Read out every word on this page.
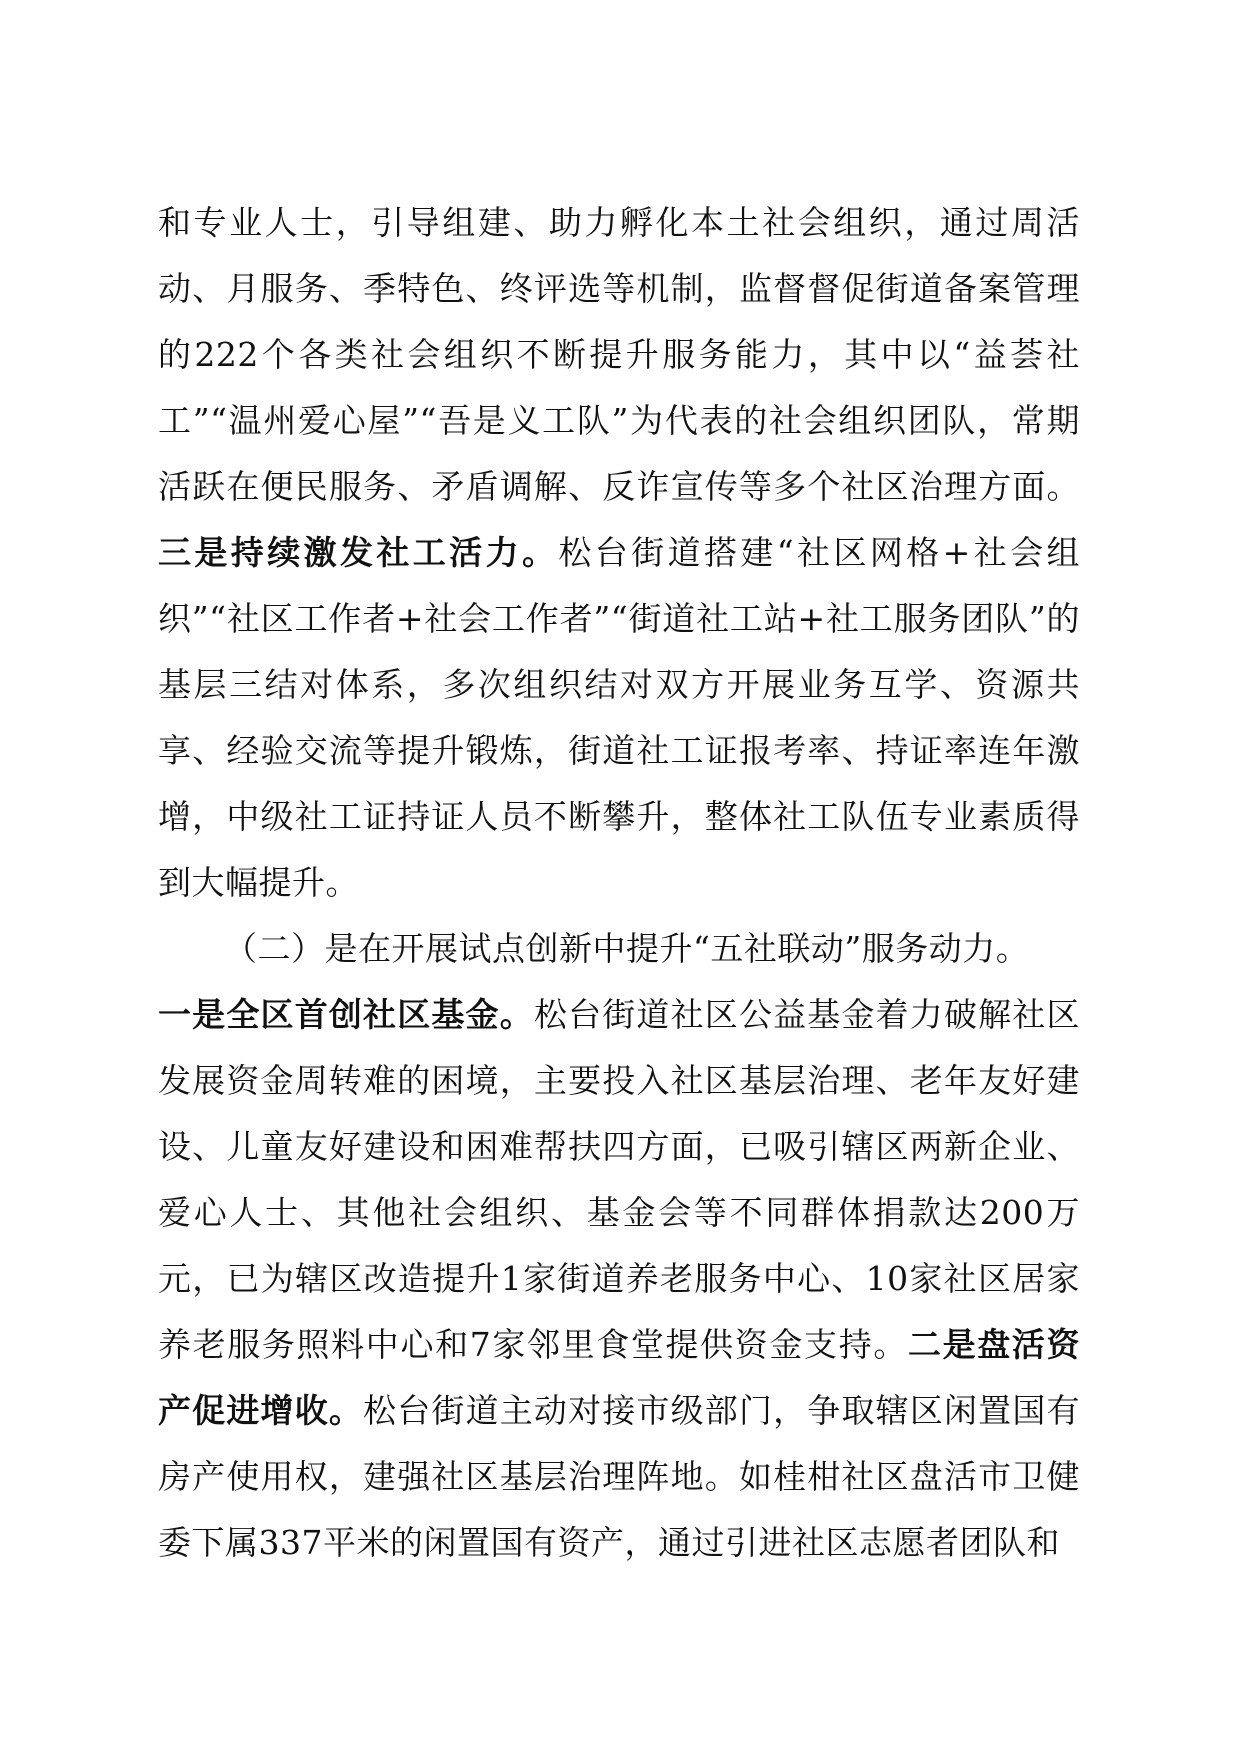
和专业人士，引导组建、助力孵化本土社会组织，通过周活动、月服务、季特色、终评选等机制，监督督促街道备案管理的222个各类社会组织不断提升服务能力，其中以“益荟社工”“温州爱心屋”“吾是义工队”为代表的社会组织团队，常期活跃在便民服务、矛盾调解、反诈宣传等多个社区治理方面。三是持续激发社工活力。松台街道搭建“社区网格+社会组织”“社区工作者+社会工作者”“街道社工站+社工服务团队”的基层三结对体系，多次组织结对双方开展业务互学、资源共享、经验交流等提升锻炼，街道社工证报考率、持证率连年激增，中级社工证持证人员不断攀升，整体社工队伍专业素质得到大幅提升。

（二）是在开展试点创新中提升“五社联动”服务动力。

一是全区首创社区基金。松台街道社区公益基金着力破解社区发展资金周转难的困境，主要投入社区基层治理、老年友好建设、儿童友好建设和困难帮扶四方面，已吸引辖区两新企业、爱心人士、其他社会组织、基金会等不同群体捐款达200万元，已为辖区改造提升1家街道养老服务中心、10家社区居家养老服务照料中心和7家邻里食堂提供资金支持。二是盘活资产促进增收。松台街道主动对接市级部门，争取辖区闲置国有房产使用权，建强社区基层治理阵地。如桂柑社区盘活市卫健委下属337平米的闲置国有资产，通过引进社区志愿者团队和
